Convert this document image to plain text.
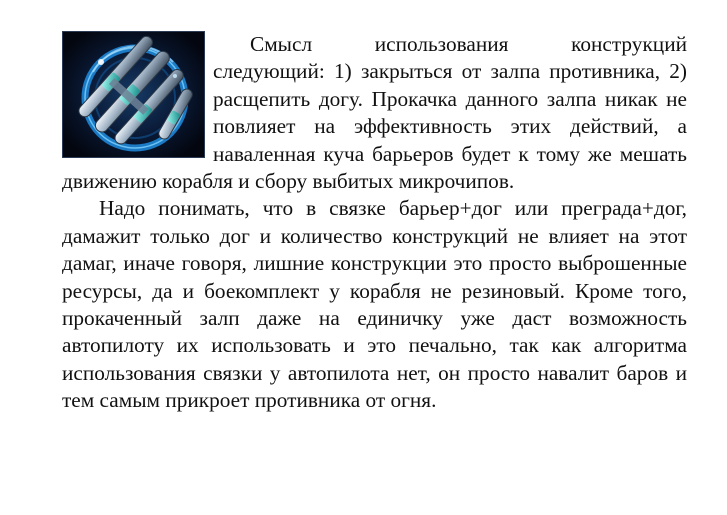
Смысл использования конструкций следующий: 1) закрыться от залпа противника, 2) расщепить догу. Прокачка данного залпа никак не повлияет на эффективность этих действий, а наваленная куча барьеров будет к тому же мешать движению корабля и сбору выбитых микрочипов.

Надо понимать, что в связке барьер+дог или преграда+дог, дамажит только дог и количество конструкций не влияет на этот дамаг, иначе говоря, лишние конструкции это просто выброшенные ресурсы, да и боекомплект у корабля не резиновый. Кроме того, прокаченный залп даже на единичку уже даст возможность автопилоту их использовать и это печально, так как алгоритма использования связки у автопилота нет, он просто навалит баров и тем самым прикроет противника от огня.
